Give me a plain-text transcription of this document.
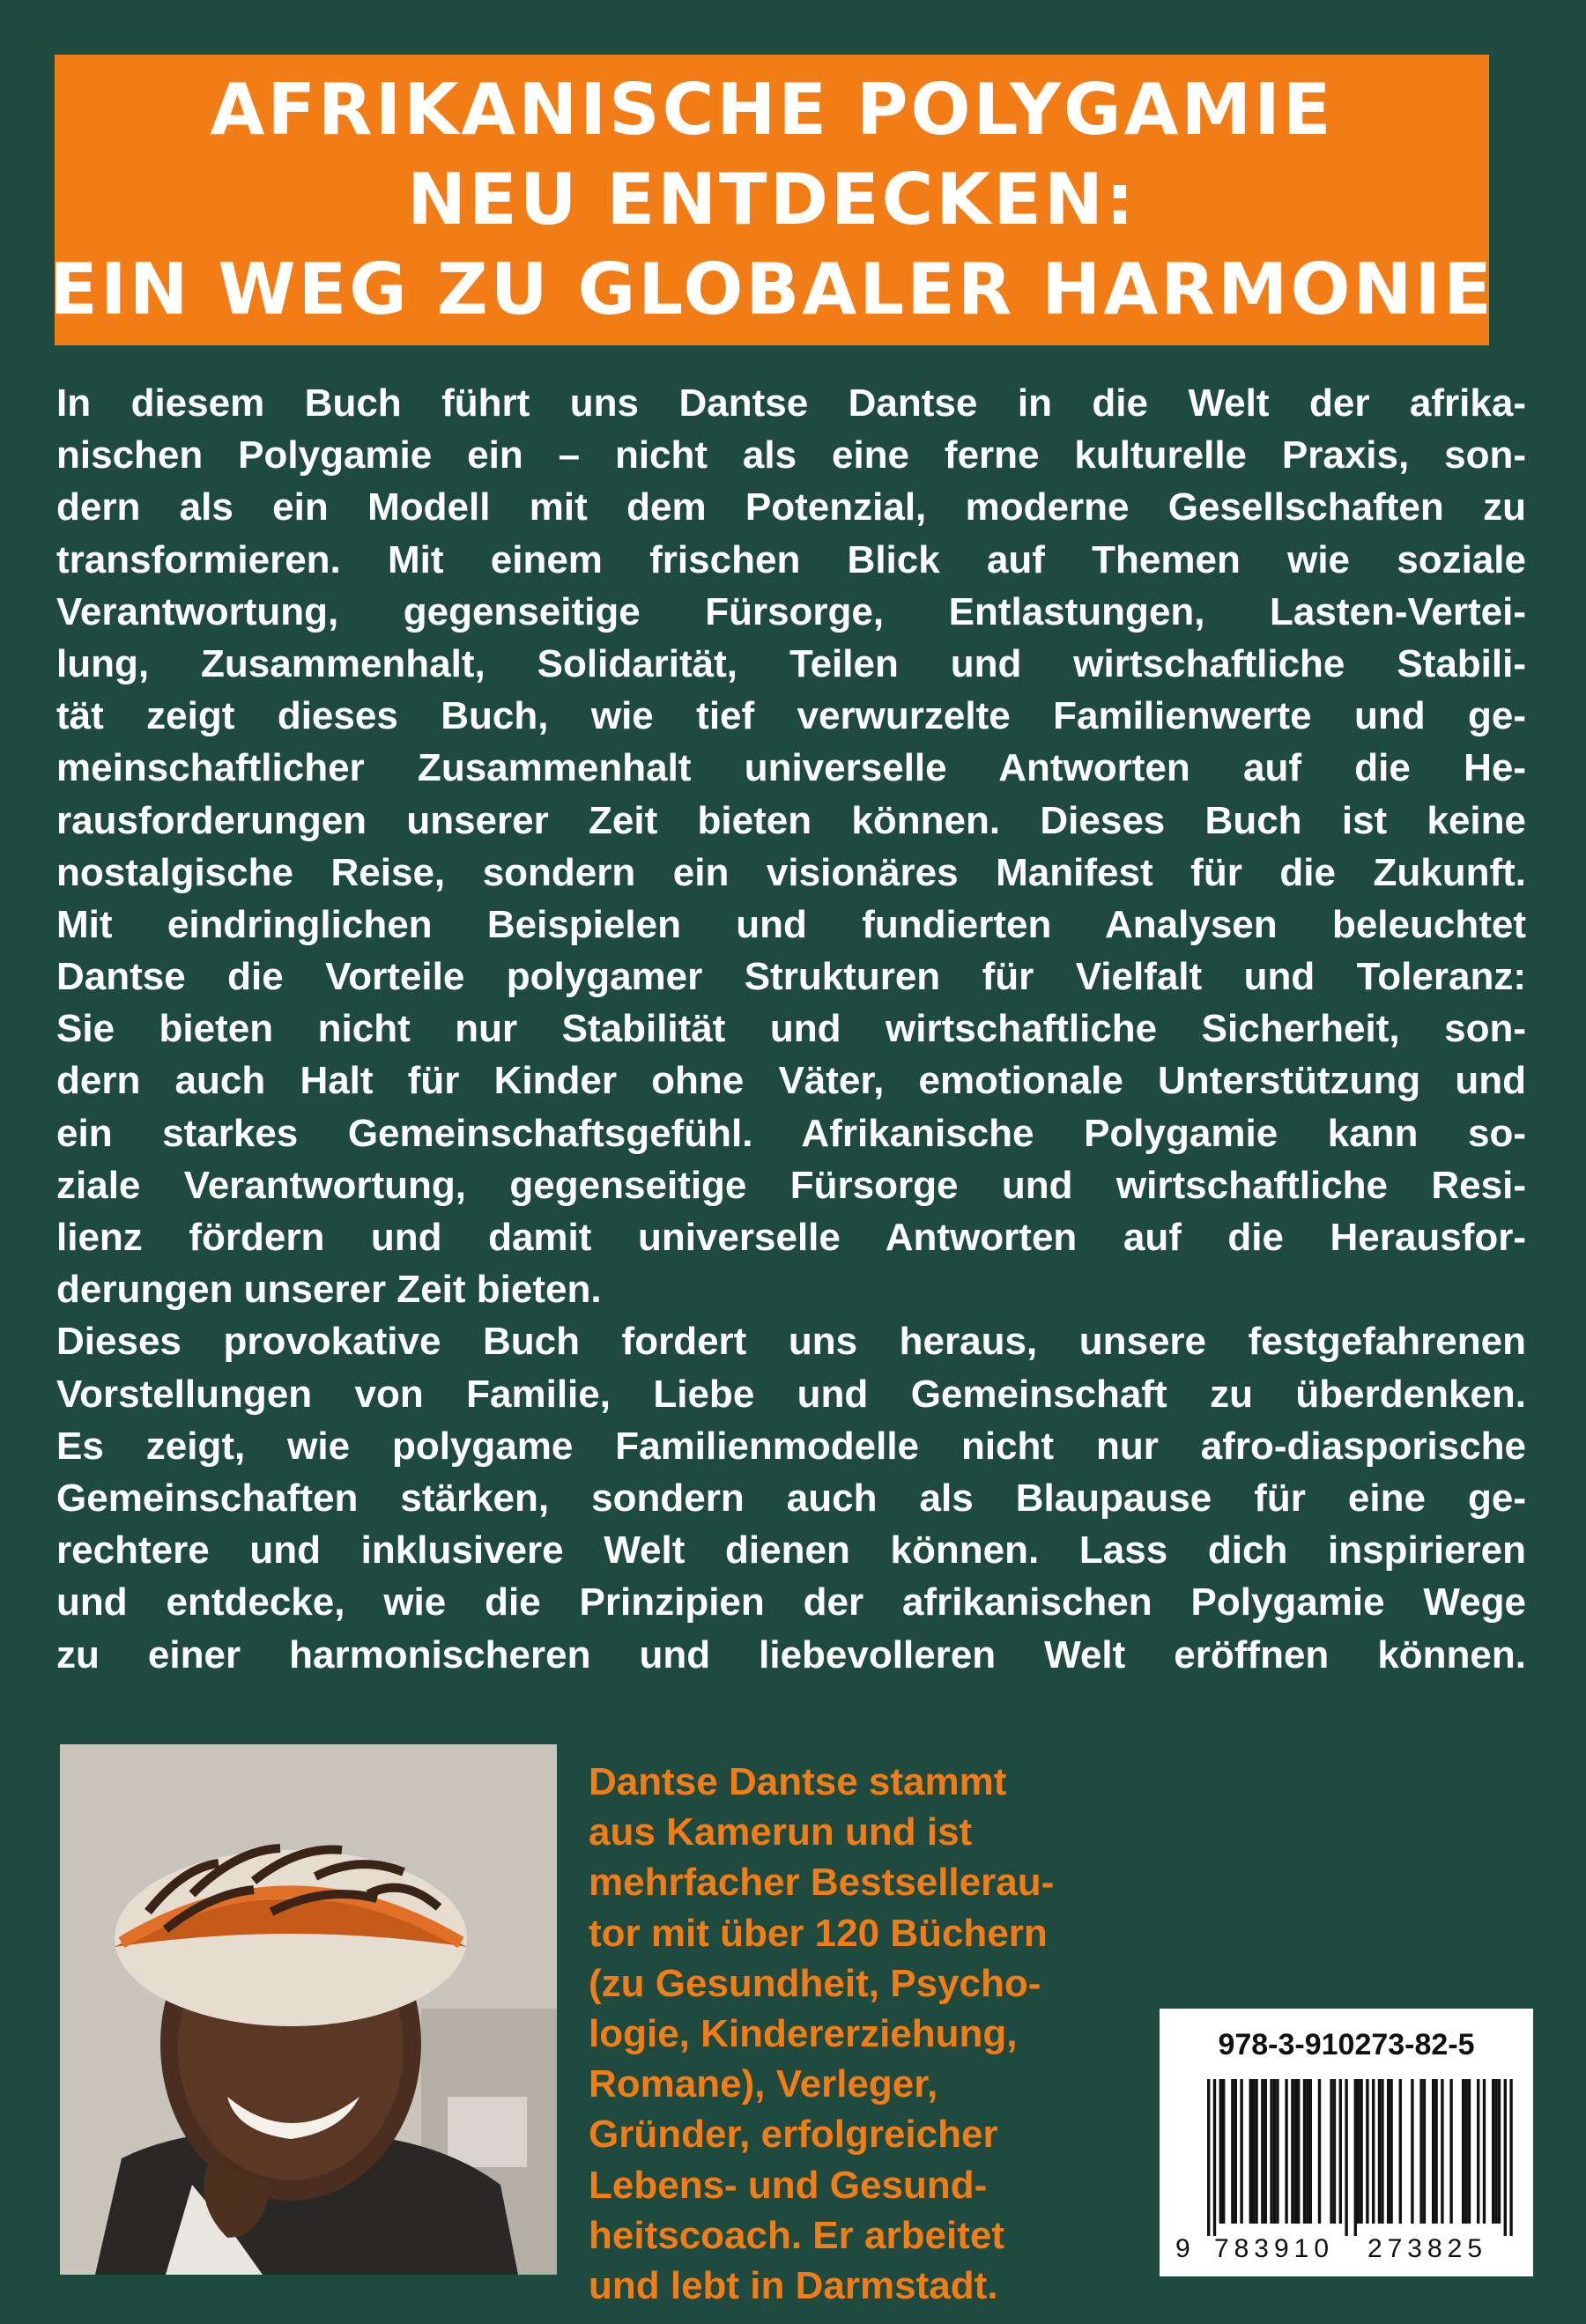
AFRIKANISCHE POLYGAMIE
NEU ENTDECKEN:
EIN WEG ZU GLOBALER HARMONIE
In diesem Buch führt uns Dantse Dantse in die Welt der afrika-
nischen Polygamie ein – nicht als eine ferne kulturelle Praxis, son-
dern als ein Modell mit dem Potenzial, moderne Gesellschaften zu
transformieren. Mit einem frischen Blick auf Themen wie soziale
Verantwortung, gegenseitige Fürsorge, Entlastungen, Lasten-Vertei-
lung, Zusammenhalt, Solidarität, Teilen und wirtschaftliche Stabili-
tät zeigt dieses Buch, wie tief verwurzelte Familienwerte und ge-
meinschaftlicher Zusammenhalt universelle Antworten auf die He-
rausforderungen unserer Zeit bieten können. Dieses Buch ist keine
nostalgische Reise, sondern ein visionäres Manifest für die Zukunft.
Mit eindringlichen Beispielen und fundierten Analysen beleuchtet
Dantse die Vorteile polygamer Strukturen für Vielfalt und Toleranz:
Sie bieten nicht nur Stabilität und wirtschaftliche Sicherheit, son-
dern auch Halt für Kinder ohne Väter, emotionale Unterstützung und
ein starkes Gemeinschaftsgefühl. Afrikanische Polygamie kann so-
ziale Verantwortung, gegenseitige Fürsorge und wirtschaftliche Resi-
lienz fördern und damit universelle Antworten auf die Herausfor-
derungen unserer Zeit bieten.
Dieses provokative Buch fordert uns heraus, unsere festgefahrenen
Vorstellungen von Familie, Liebe und Gemeinschaft zu überdenken.
Es zeigt, wie polygame Familienmodelle nicht nur afro-diasporische
Gemeinschaften stärken, sondern auch als Blaupause für eine ge-
rechtere und inklusivere Welt dienen können. Lass dich inspirieren
und entdecke, wie die Prinzipien der afrikanischen Polygamie Wege
zu einer harmonischeren und liebevolleren Welt eröffnen können.
Dantse Dantse stammt
aus Kamerun und ist
mehrfacher Bestsellerau-
tor mit über 120 Büchern
(zu Gesundheit, Psycho-
logie, Kindererziehung,
Romane), Verleger,
Gründer, erfolgreicher
Lebens- und Gesund-
heitscoach. Er arbeitet
und lebt in Darmstadt.
978-3-910273-82-5
9 783910 273825
